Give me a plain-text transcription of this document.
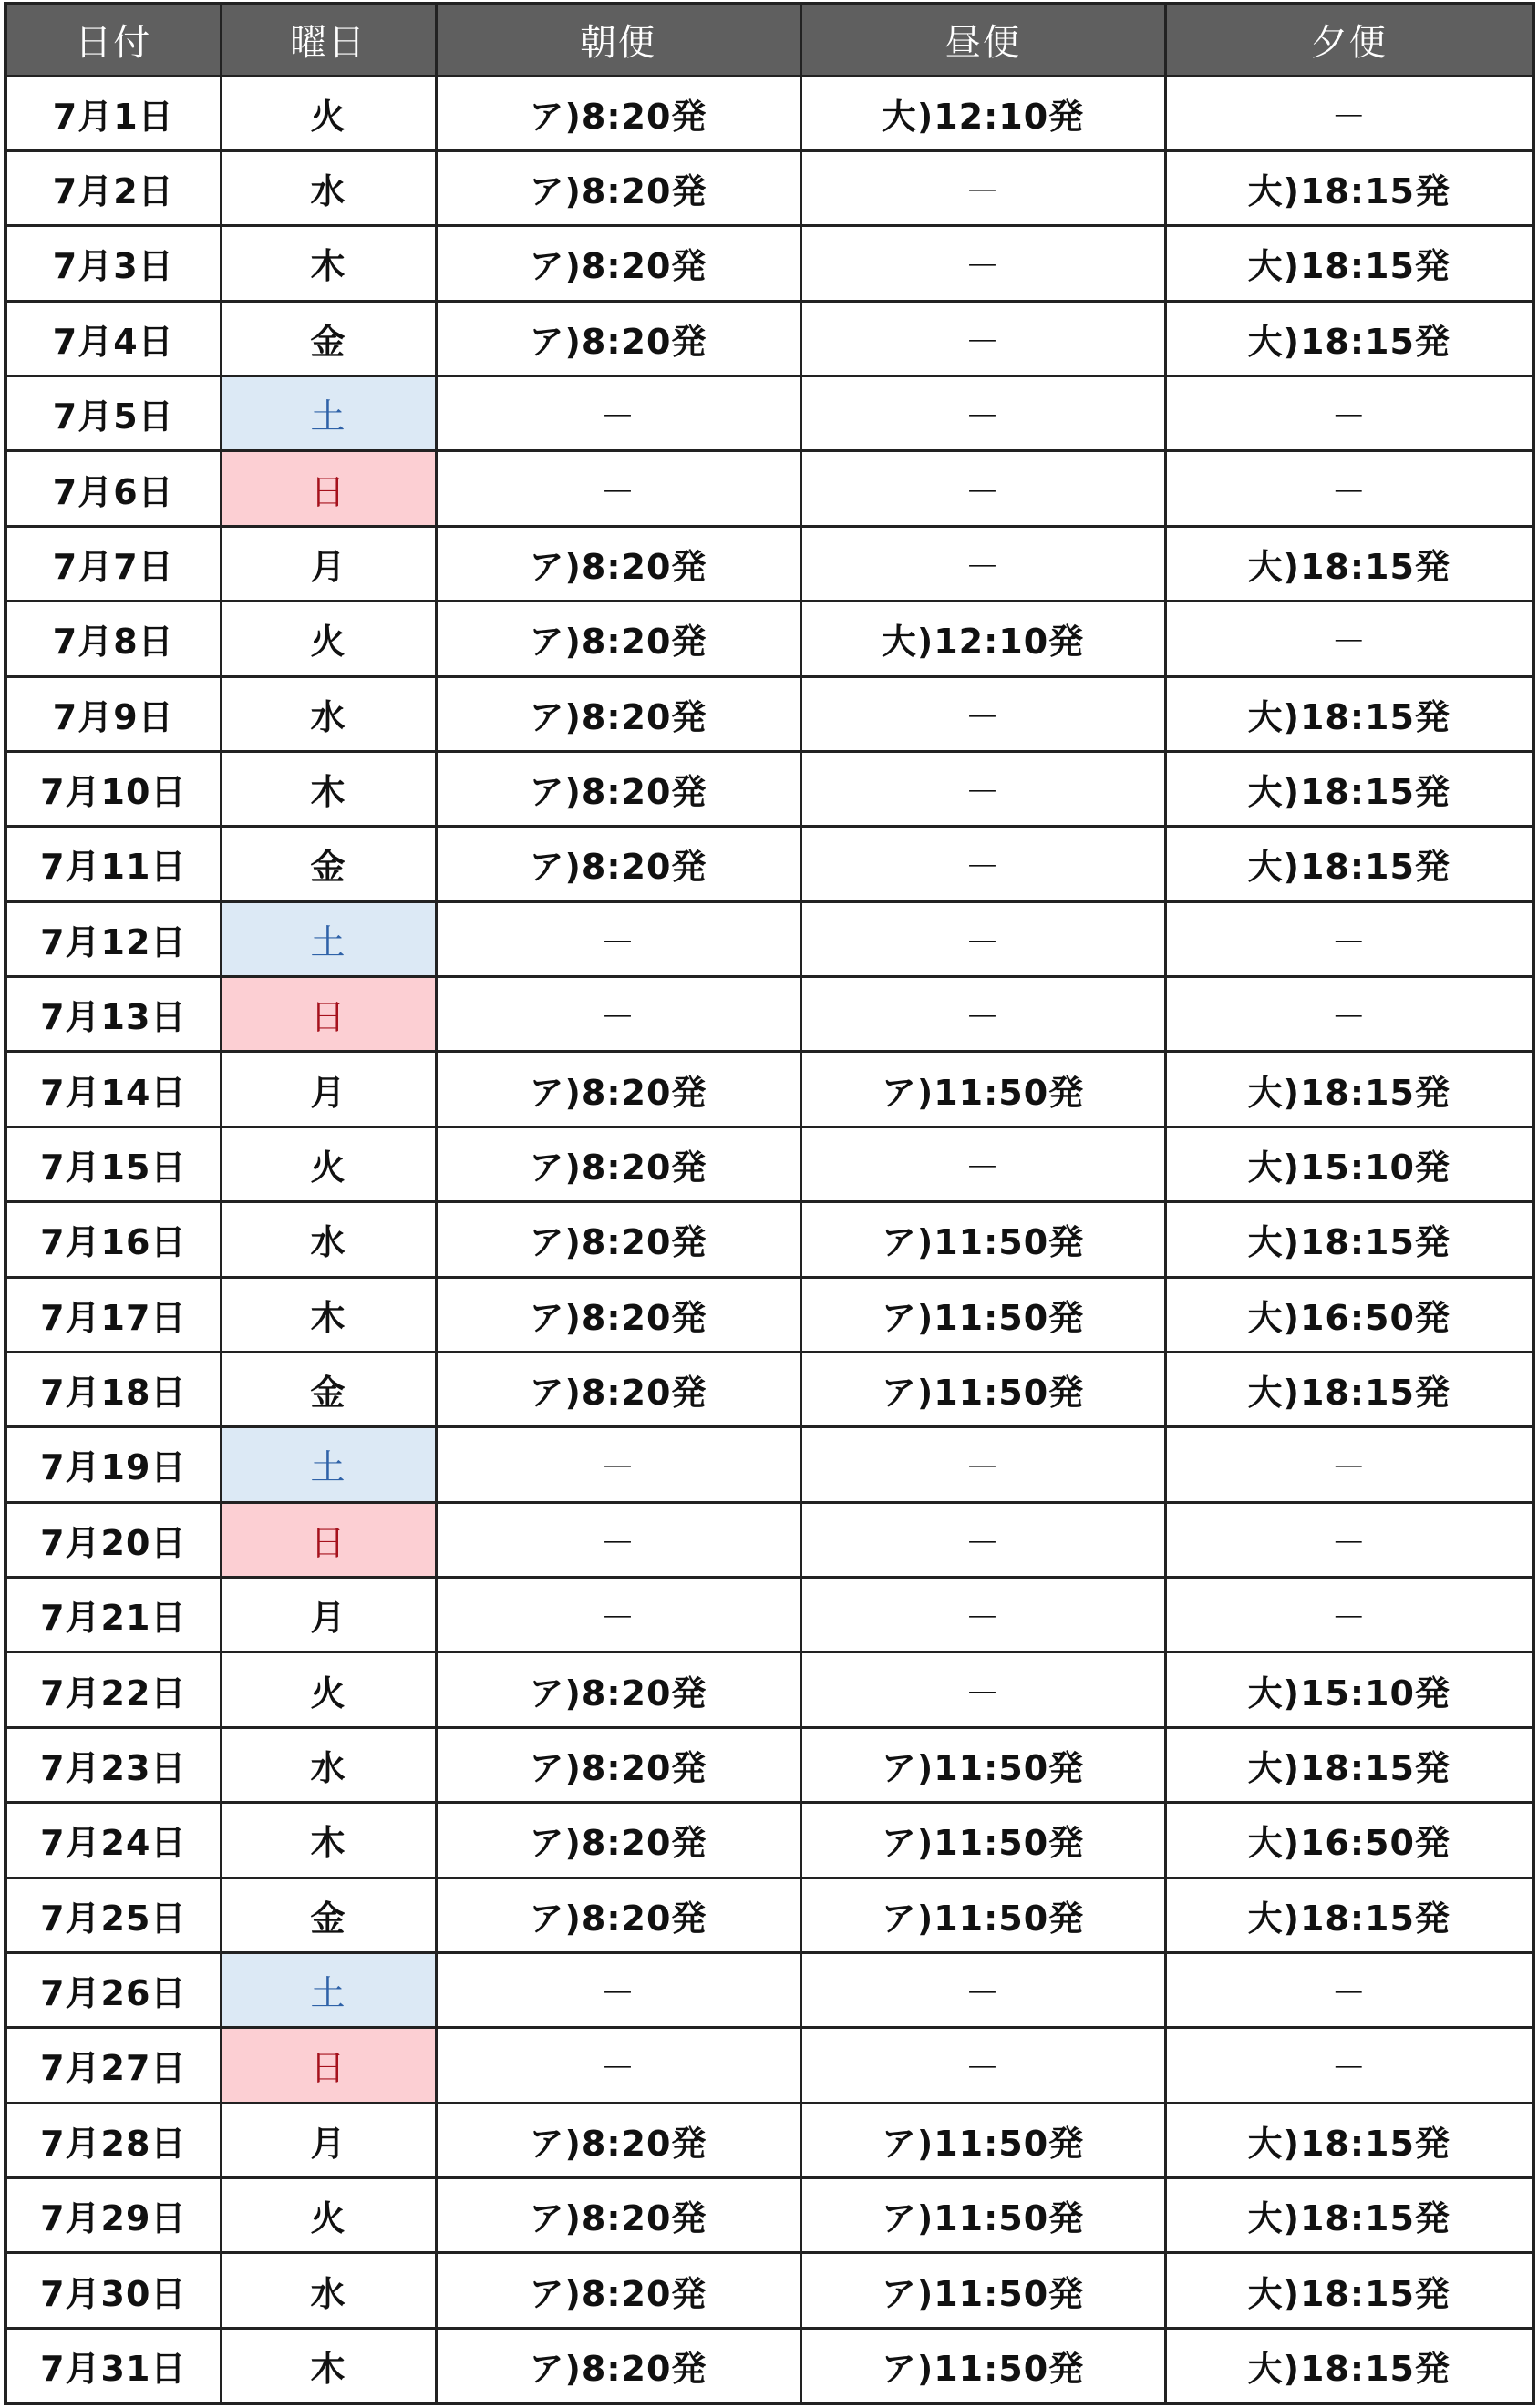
日付	曜日	朝便	昼便	夕便
7月1日	火	ア)8:20発	大)12:10発	－
7月2日	水	ア)8:20発	－	大)18:15発
7月3日	木	ア)8:20発	－	大)18:15発
7月4日	金	ア)8:20発	－	大)18:15発
7月5日	土	－	－	－
7月6日	日	－	－	－
7月7日	月	ア)8:20発	－	大)18:15発
7月8日	火	ア)8:20発	大)12:10発	－
7月9日	水	ア)8:20発	－	大)18:15発
7月10日	木	ア)8:20発	－	大)18:15発
7月11日	金	ア)8:20発	－	大)18:15発
7月12日	土	－	－	－
7月13日	日	－	－	－
7月14日	月	ア)8:20発	ア)11:50発	大)18:15発
7月15日	火	ア)8:20発	－	大)15:10発
7月16日	水	ア)8:20発	ア)11:50発	大)18:15発
7月17日	木	ア)8:20発	ア)11:50発	大)16:50発
7月18日	金	ア)8:20発	ア)11:50発	大)18:15発
7月19日	土	－	－	－
7月20日	日	－	－	－
7月21日	月	－	－	－
7月22日	火	ア)8:20発	－	大)15:10発
7月23日	水	ア)8:20発	ア)11:50発	大)18:15発
7月24日	木	ア)8:20発	ア)11:50発	大)16:50発
7月25日	金	ア)8:20発	ア)11:50発	大)18:15発
7月26日	土	－	－	－
7月27日	日	－	－	－
7月28日	月	ア)8:20発	ア)11:50発	大)18:15発
7月29日	火	ア)8:20発	ア)11:50発	大)18:15発
7月30日	水	ア)8:20発	ア)11:50発	大)18:15発
7月31日	木	ア)8:20発	ア)11:50発	大)18:15発
